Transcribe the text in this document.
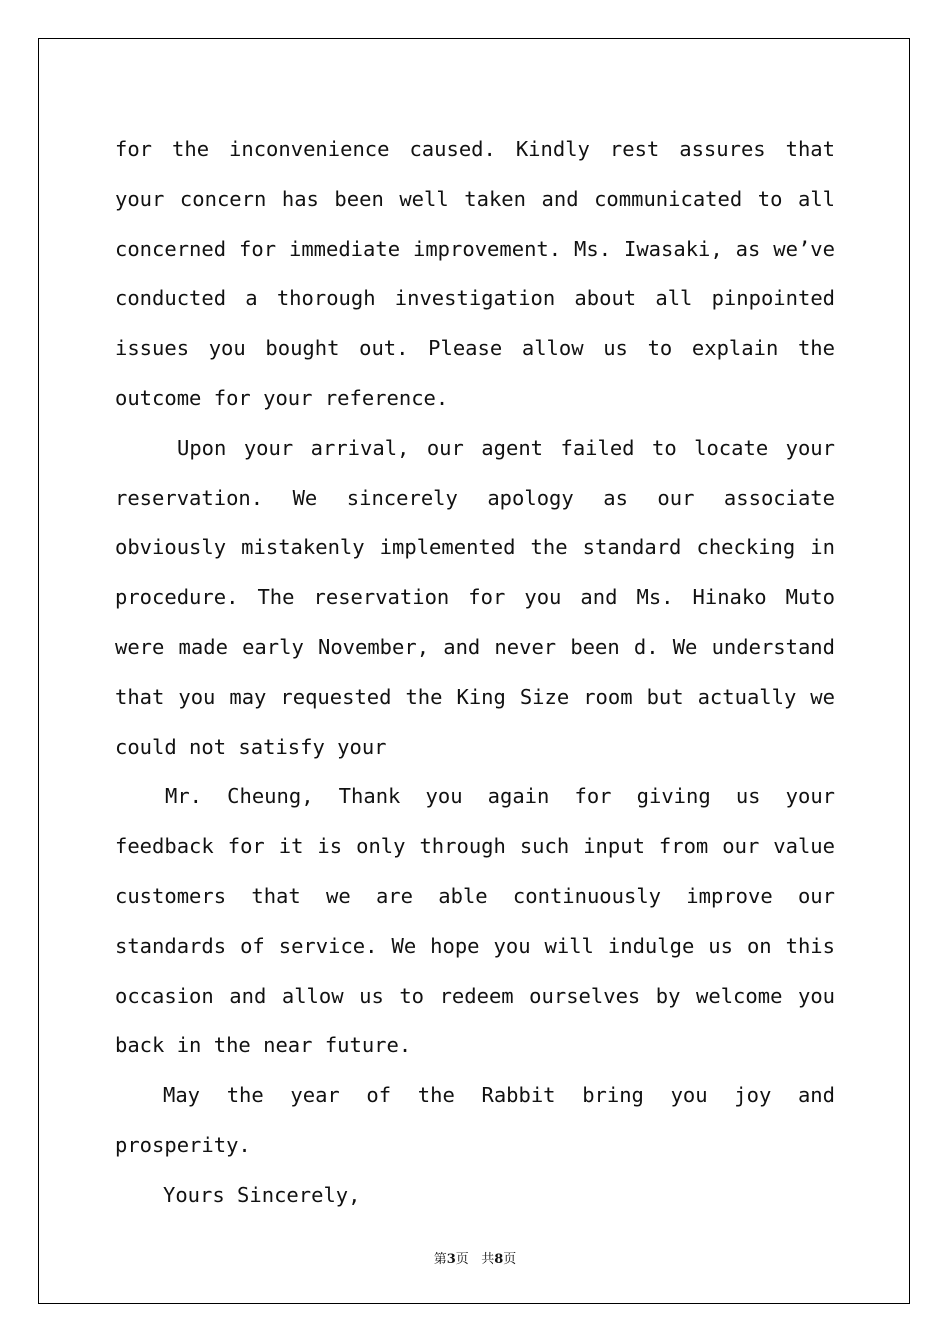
for the inconvenience caused. Kindly rest assures that your concern has been well taken and communicated to all concerned for immediate improvement. Ms. Iwasaki, as we’ve conducted a thorough investigation about all pinpointed issues you bought out. Please allow us to explain the outcome for your reference.

Upon your arrival, our agent failed to locate your reservation. We sincerely apology as our associate obviously mistakenly implemented the standard checking in procedure. The reservation for you and Ms. Hinako Muto were made early November, and never been d. We understand that you may requested the King Size room but actually we could not satisfy your

Mr. Cheung, Thank you again for giving us your feedback for it is only through such input from our value customers that we are able continuously improve our standards of service. We hope you will indulge us on this occasion and allow us to redeem ourselves by welcome you back in the near future.

May the year of the Rabbit bring you joy and prosperity.

Yours Sincerely,

第3页 共8页
